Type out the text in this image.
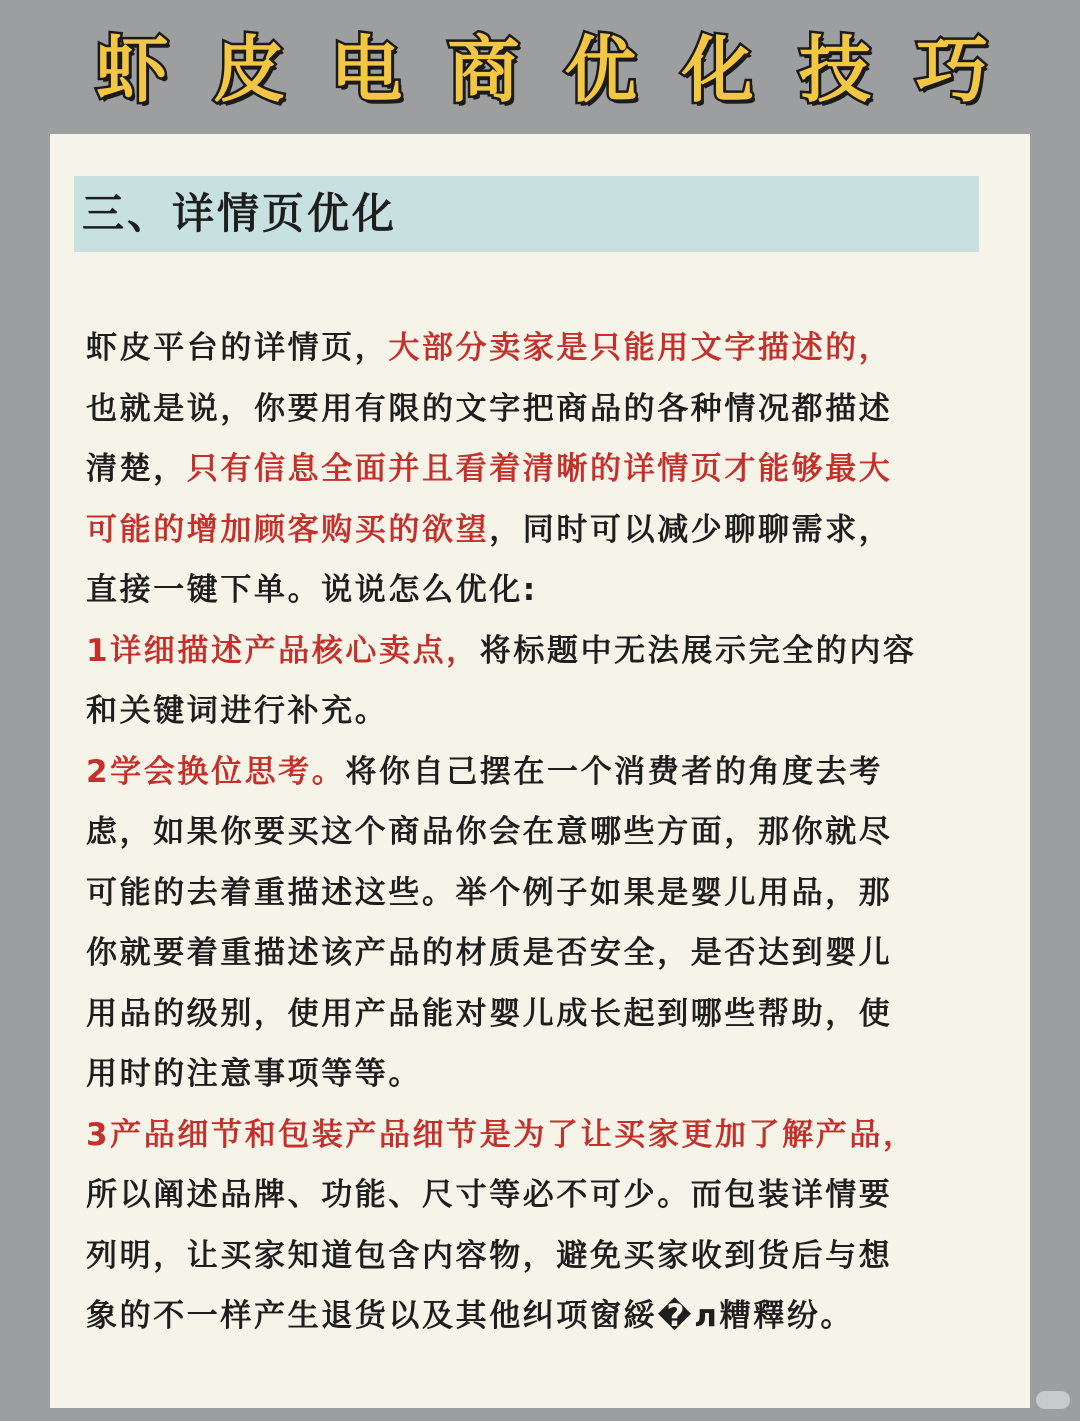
虾 皮 电 商 优 化 技 巧
三、详情页优化
虾皮平台的详情页，大部分卖家是只能用文字描述的，
也就是说，你要用有限的文字把商品的各种情况都描述
清楚，只有信息全面并且看着清晰的详情页才能够最大
可能的增加顾客购买的欲望，同时可以减少聊聊需求，
直接一键下单。说说怎么优化:
1详细描述产品核心卖点，将标题中无法展示完全的内容
和关键词进行补充。
2学会换位思考。将你自己摆在一个消费者的角度去考
虑，如果你要买这个商品你会在意哪些方面，那你就尽
可能的去着重描述这些。举个例子如果是婴儿用品，那
你就要着重描述该产品的材质是否安全，是否达到婴儿
用品的级别，使用产品能对婴儿成长起到哪些帮助，使
用时的注意事项等等。
3产品细节和包装产品细节是为了让买家更加了解产品，
所以阐述品牌、功能、尺寸等必不可少。而包装详情要
列明，让买家知道包含内容物，避免买家收到货后与想
象的不一样产生退货以及其他纠项窗綏�л糟釋纷。
